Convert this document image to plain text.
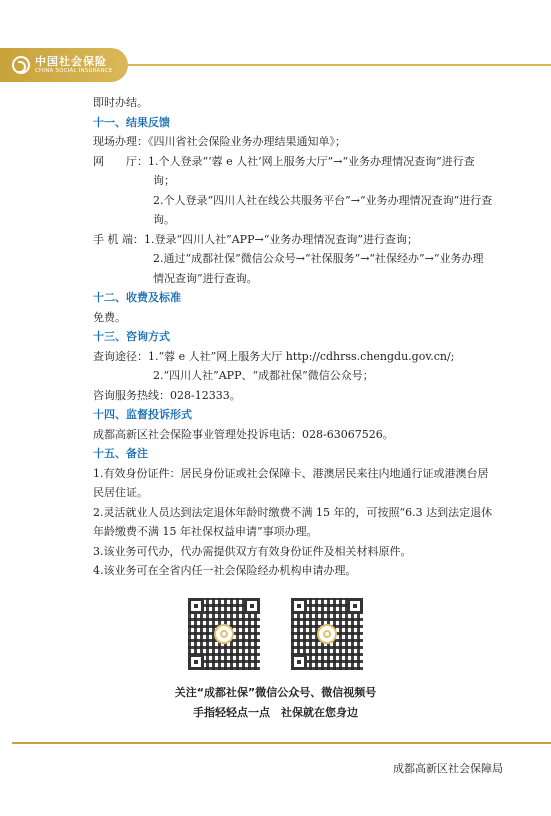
中国社会保险
CHINA SOCIAL INSURANCE

即时办结。

十一、结果反馈

现场办理：《四川省社会保险业务办理结果通知单》；

网　　厅：1.个人登录“‘蓉 e 人社’网上服务大厅”→“业务办理情况查询”进行查询；

2.个人登录“四川人社在线公共服务平台”→“业务办理情况查询”进行查询。

手 机 端：1.登录“四川人社”APP→“业务办理情况查询”进行查询；

2.通过“成都社保”微信公众号→“社保服务”→“社保经办”→“业务办理情况查询”进行查询。

十二、收费及标准

免费。

十三、咨询方式

查询途径：1.“蓉 e 人社”网上服务大厅 http://cdhrss.chengdu.gov.cn/;

2.“四川人社”APP、“成都社保”微信公众号；

咨询服务热线：028-12333。

十四、监督投诉形式

成都高新区社会保险事业管理处投诉电话：028-63067526。

十五、备注

1.有效身份证件：居民身份证或社会保障卡、港澳居民来往内地通行证或港澳台居民居住证。

2.灵活就业人员达到法定退休年龄时缴费不满 15 年的，可按照“6.3 达到法定退休年龄缴费不满 15 年社保权益申请”事项办理。

3.该业务可代办，代办需提供双方有效身份证件及相关材料原件。

4.该业务可在全省内任一社会保险经办机构申请办理。

关注“成都社保”微信公众号、微信视频号
手指轻轻点一点　社保就在您身边
成都高新区社会保障局
